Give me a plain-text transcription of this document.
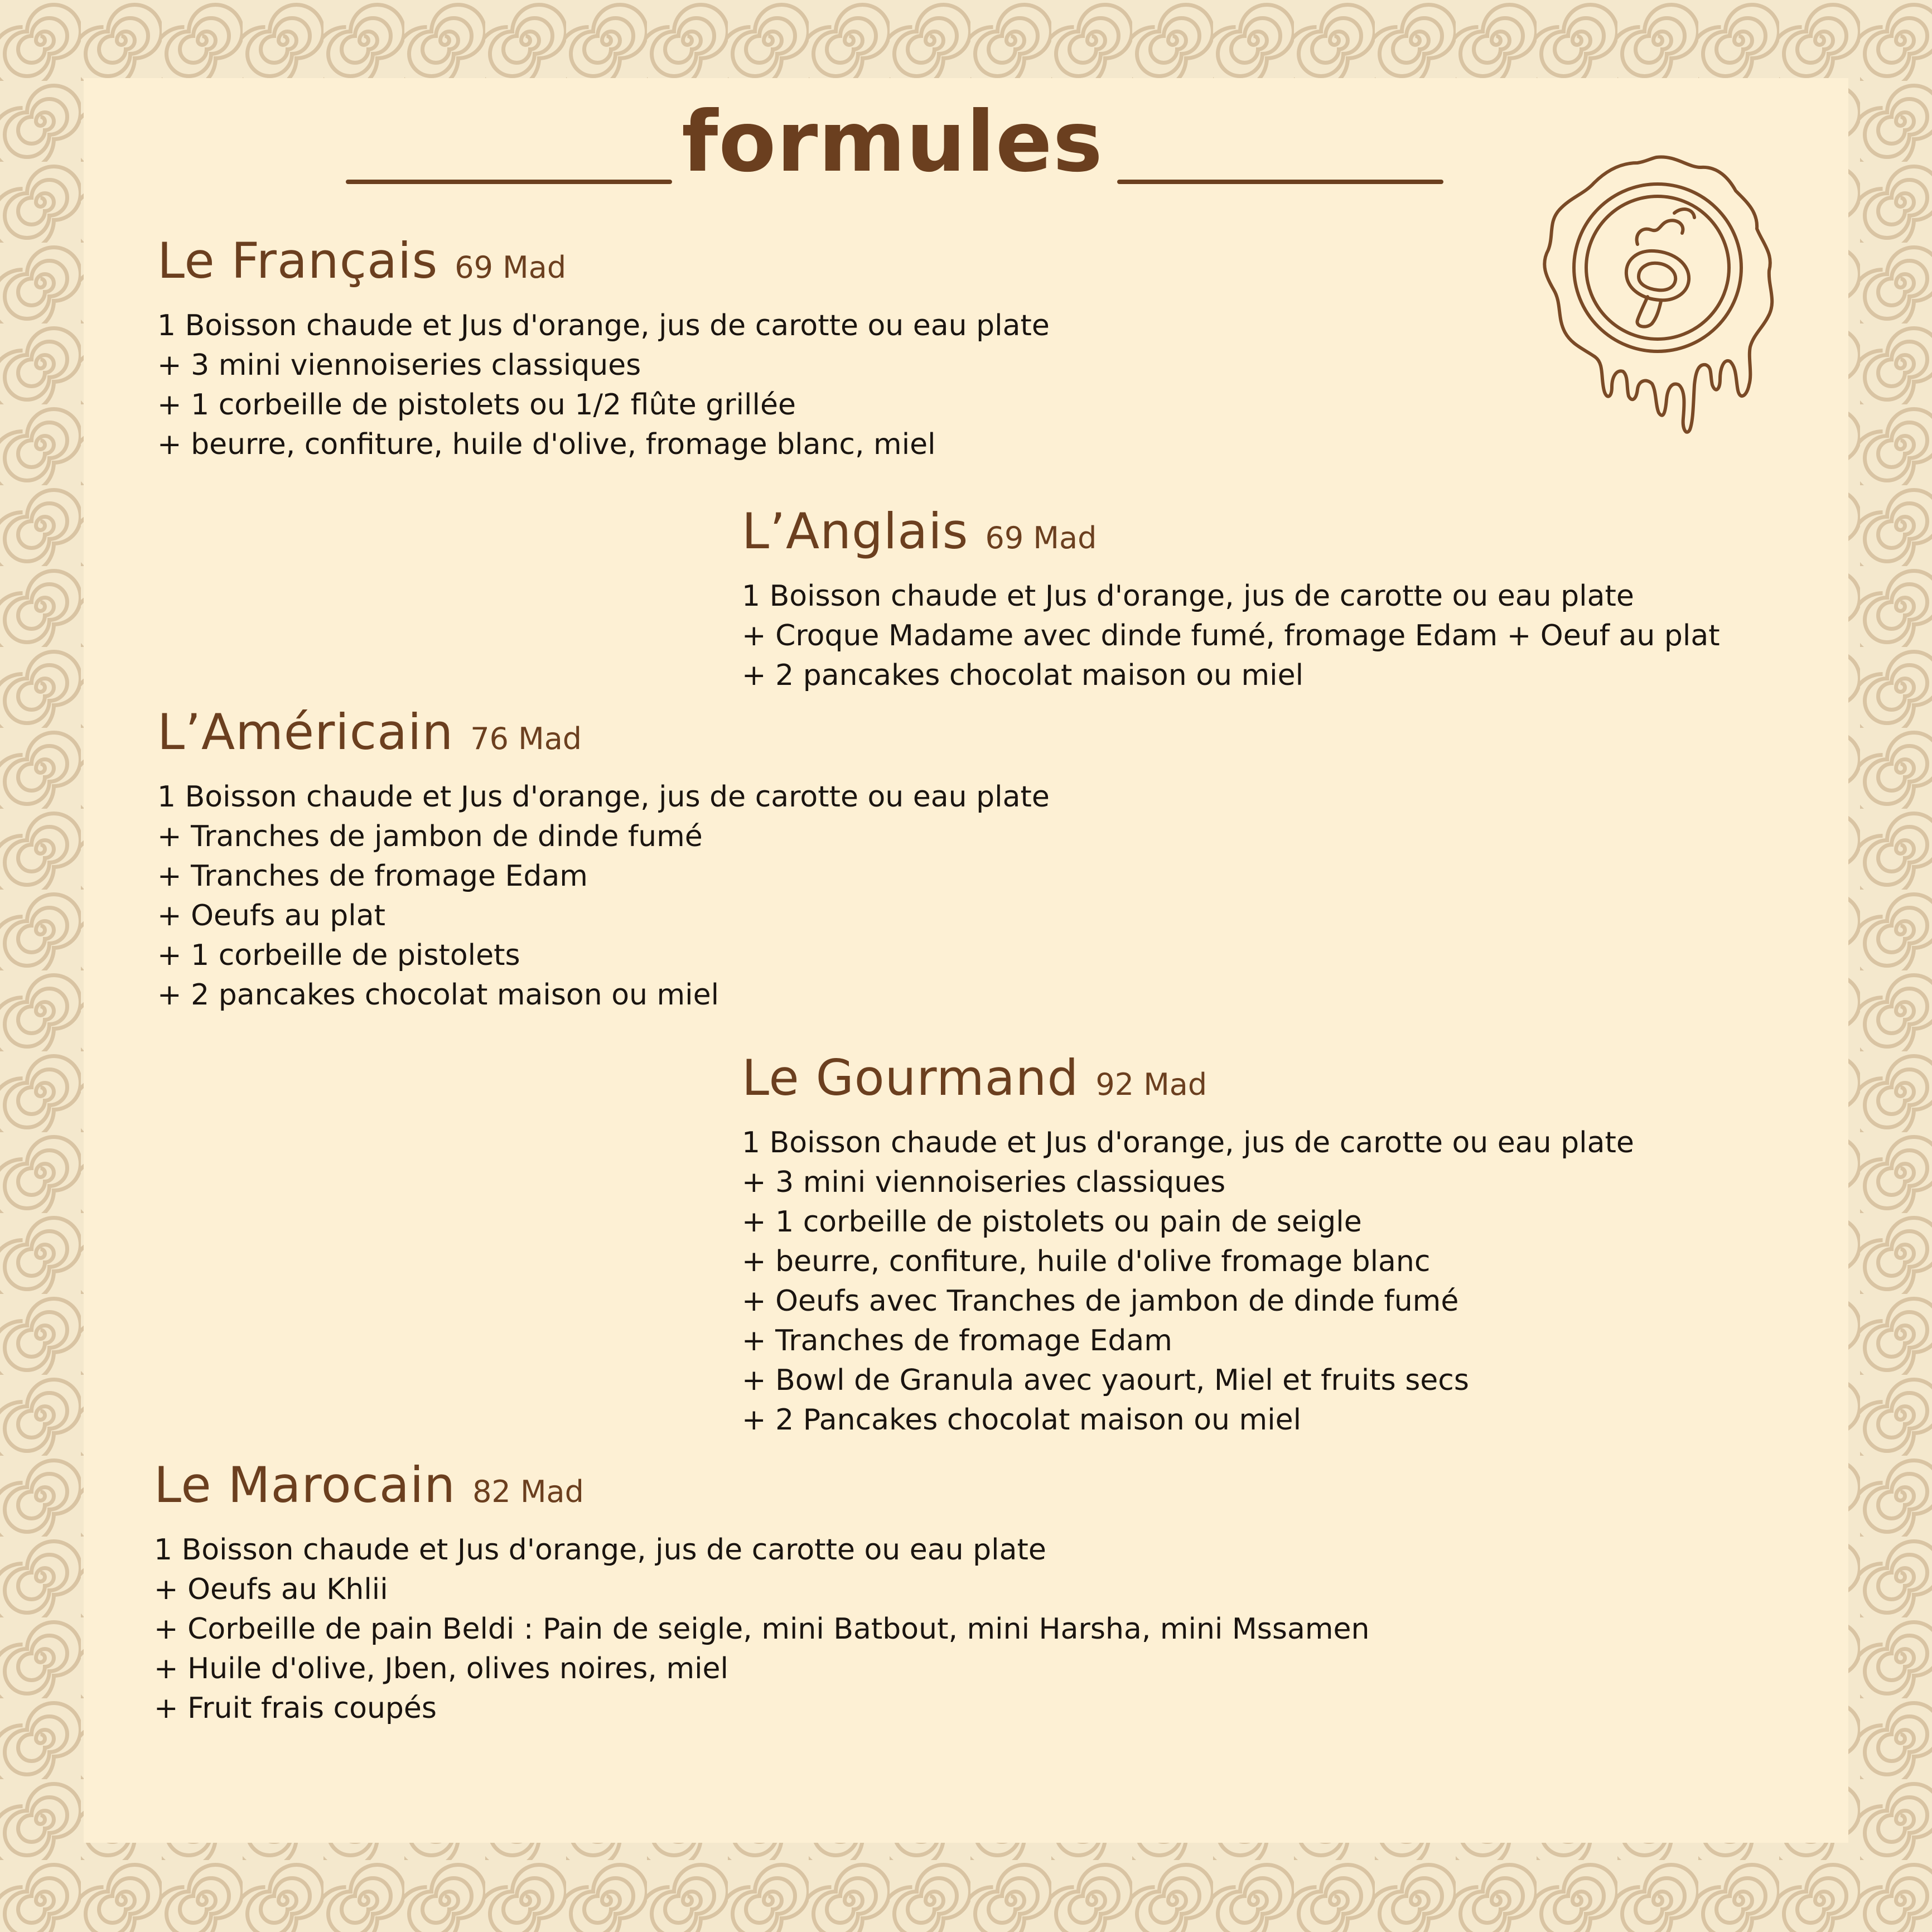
formules
Le Français 69 Mad
1 Boisson chaude et Jus d'orange, jus de carotte ou eau plate
+ 3 mini viennoiseries classiques
+ 1 corbeille de pistolets ou 1/2 flûte grillée
+ beurre, confiture, huile d'olive, fromage blanc, miel
L’Anglais 69 Mad
1 Boisson chaude et Jus d'orange, jus de carotte ou eau plate
+ Croque Madame avec dinde fumé, fromage Edam + Oeuf au plat
+ 2 pancakes chocolat maison ou miel
L’Américain 76 Mad
1 Boisson chaude et Jus d'orange, jus de carotte ou eau plate
+ Tranches de jambon de dinde fumé
+ Tranches de fromage Edam
+ Oeufs au plat
+ 1 corbeille de pistolets
+ 2 pancakes chocolat maison ou miel
Le Gourmand 92 Mad
1 Boisson chaude et Jus d'orange, jus de carotte ou eau plate
+ 3 mini viennoiseries classiques
+ 1 corbeille de pistolets ou pain de seigle
+ beurre, confiture, huile d'olive fromage blanc
+ Oeufs avec Tranches de jambon de dinde fumé
+ Tranches de fromage Edam
+ Bowl de Granula avec yaourt, Miel et fruits secs
+ 2 Pancakes chocolat maison ou miel
Le Marocain 82 Mad
1 Boisson chaude et Jus d'orange, jus de carotte ou eau plate
+ Oeufs au Khlii
+ Corbeille de pain Beldi : Pain de seigle, mini Batbout, mini Harsha, mini Mssamen
+ Huile d'olive, Jben, olives noires, miel
+ Fruit frais coupés
